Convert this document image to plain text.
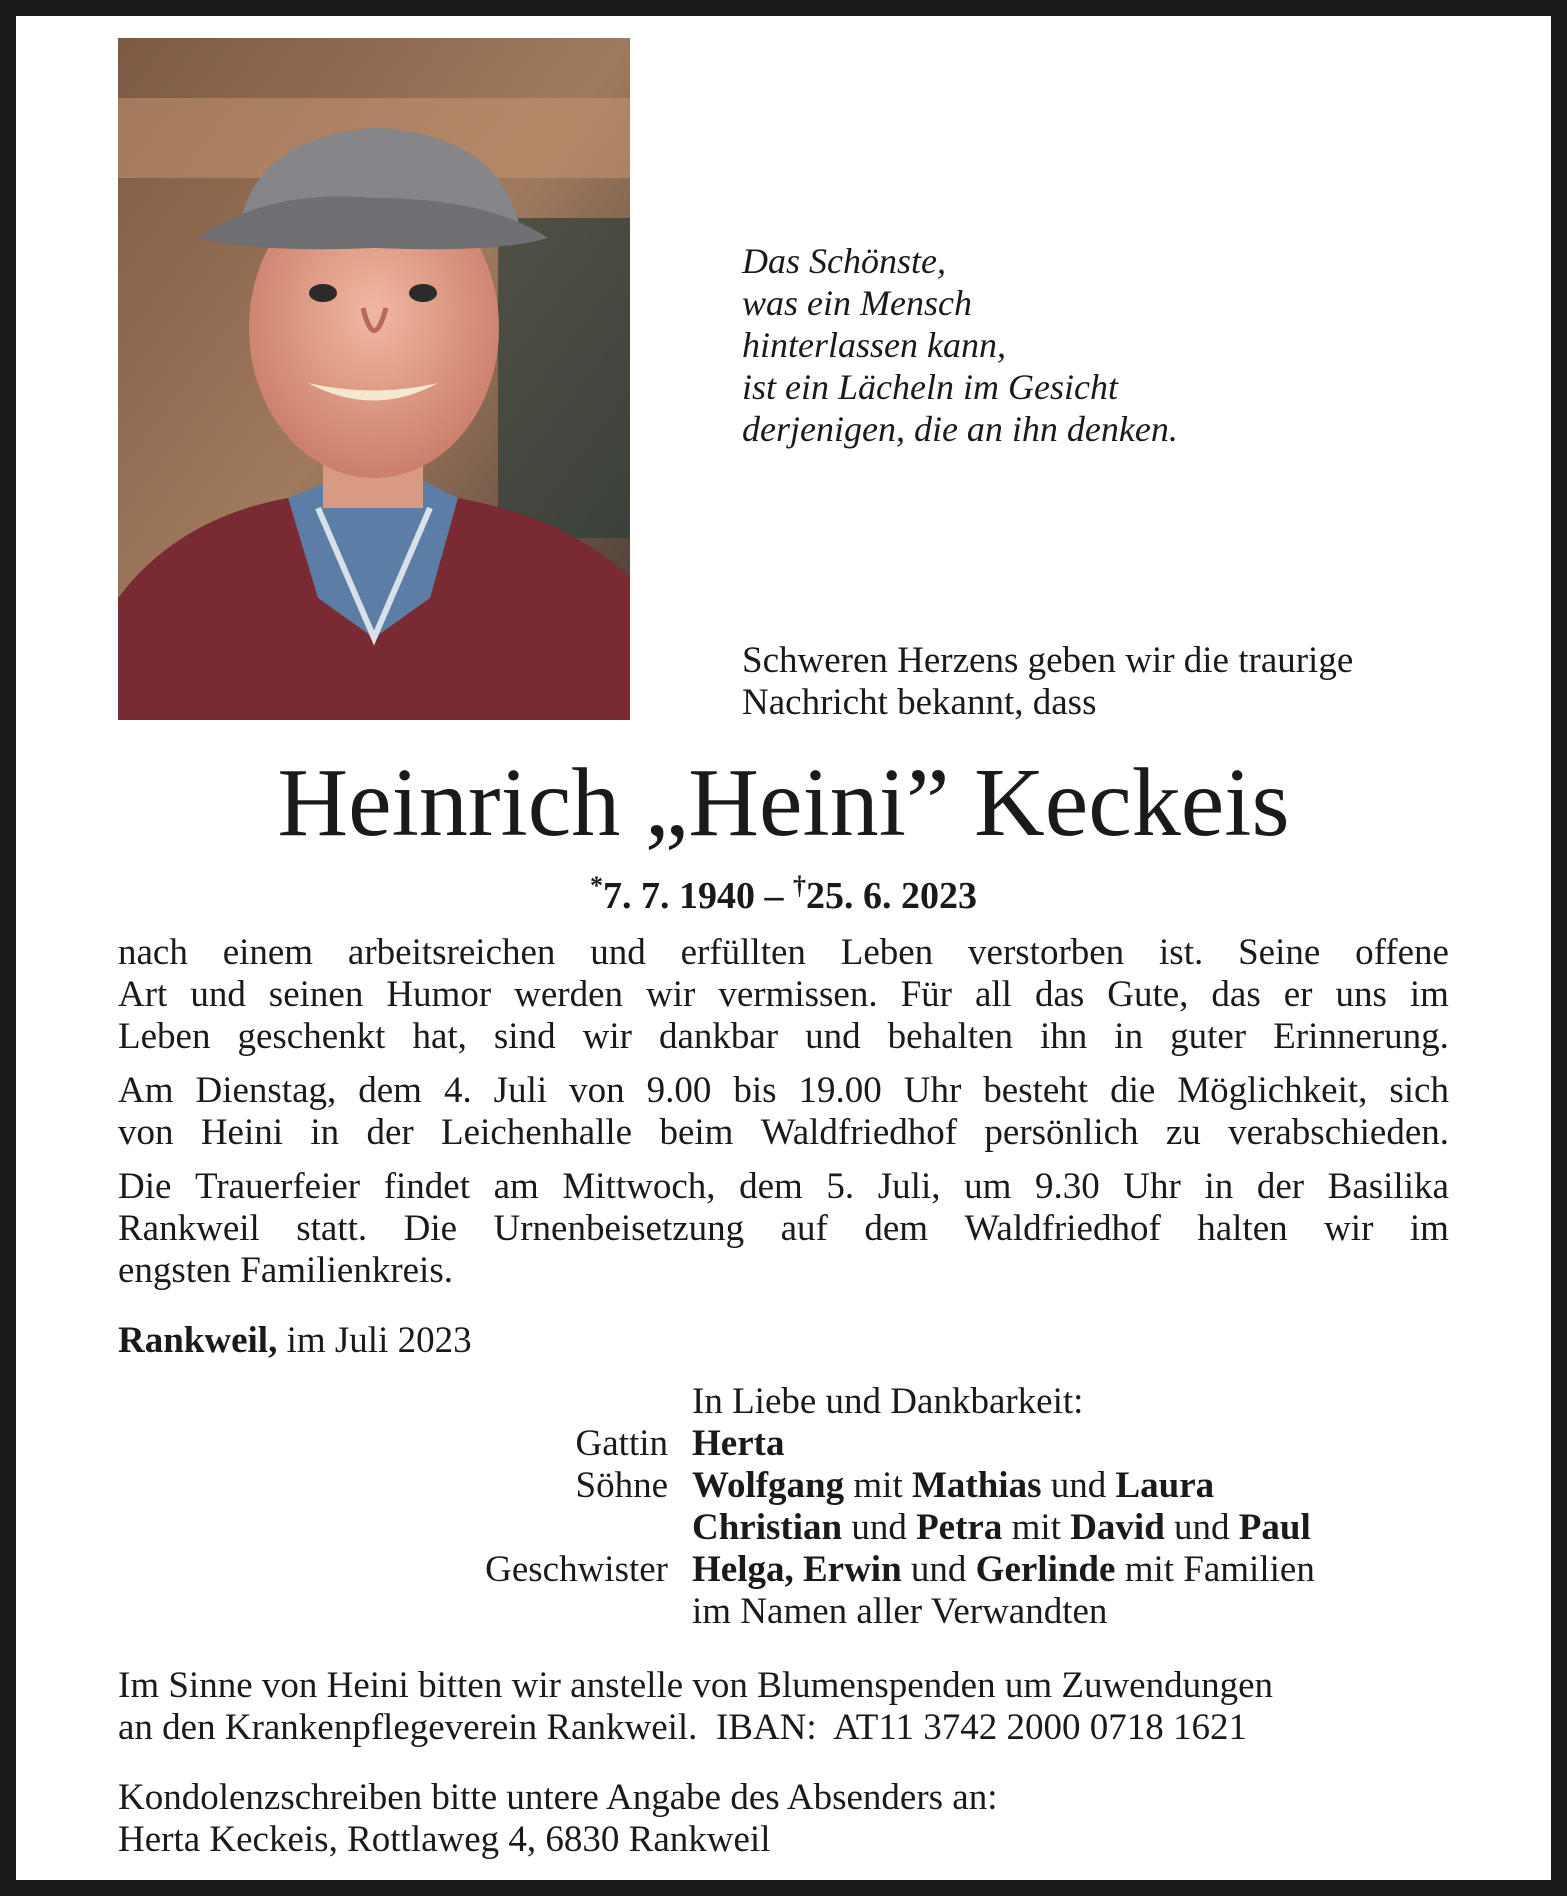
Das Schönste,
was ein Mensch
hinterlassen kann,
ist ein Lächeln im Gesicht
derjenigen, die an ihn denken.
Schweren Herzens geben wir die traurige
Nachricht bekannt, dass
Heinrich „Heini” Keckeis
*7. 7. 1940 – †25. 6. 2023
nach einem arbeitsreichen und erfüllten Leben verstorben ist. Seine offene
Art und seinen Humor werden wir vermissen. Für all das Gute, das er uns im
Leben geschenkt hat, sind wir dankbar und behalten ihn in guter Erinnerung.
Am Dienstag, dem 4. Juli von 9.00 bis 19.00 Uhr besteht die Möglichkeit, sich
von Heini in der Leichenhalle beim Waldfriedhof persönlich zu verabschieden.
Die Trauerfeier findet am Mittwoch, dem 5. Juli, um 9.30 Uhr in der Basilika
Rankweil statt. Die Urnenbeisetzung auf dem Waldfriedhof halten wir im
engsten Familienkreis.
Rankweil, im Juli 2023
In Liebe und Dankbarkeit:
Gattin Herta
Söhne Wolfgang mit Mathias und Laura
Christian und Petra mit David und Paul
Geschwister Helga, Erwin und Gerlinde mit Familien
im Namen aller Verwandten
Im Sinne von Heini bitten wir anstelle von Blumenspenden um Zuwendungen
an den Krankenpflegeverein Rankweil. IBAN: AT11 3742 2000 0718 1621
Kondolenzschreiben bitte untere Angabe des Absenders an:
Herta Keckeis, Rottlaweg 4, 6830 Rankweil
